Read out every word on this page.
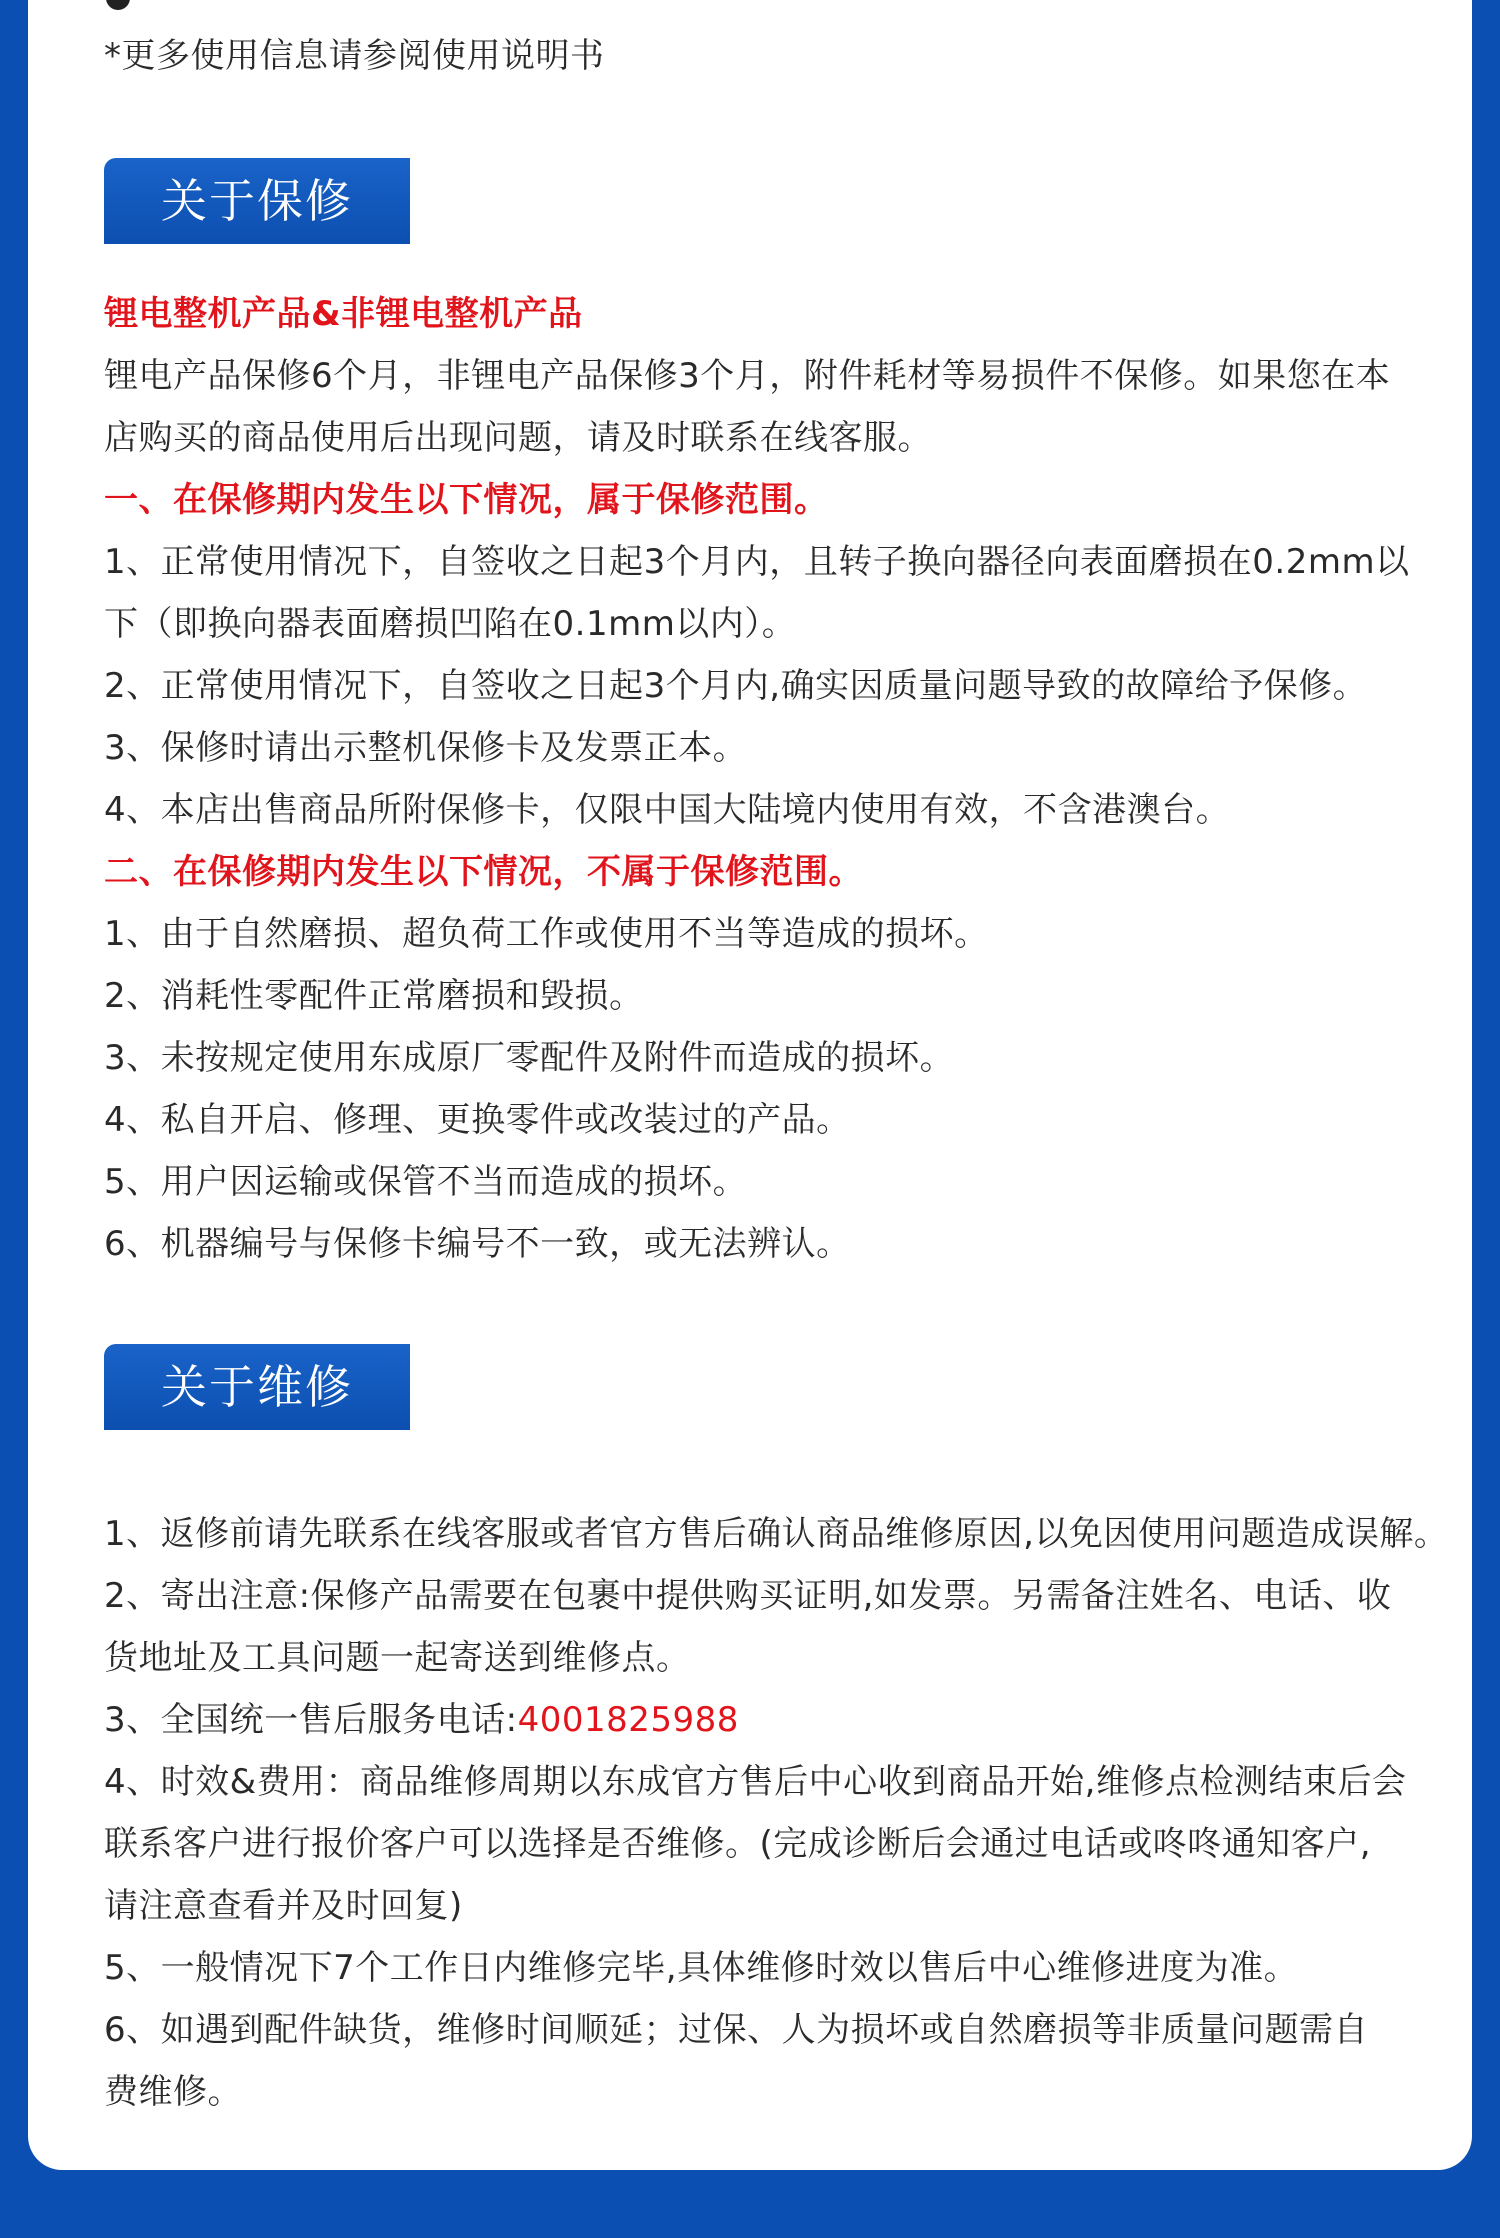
*更多使用信息请参阅使用说明书
关于保修
锂电整机产品&非锂电整机产品
锂电产品保修6个月，非锂电产品保修3个月，附件耗材等易损件不保修。如果您在本
店购买的商品使用后出现问题，请及时联系在线客服。
一、在保修期内发生以下情况，属于保修范围。
1、正常使用情况下，自签收之日起3个月内，且转子换向器径向表面磨损在0.2mm以
下（即换向器表面磨损凹陷在0.1mm以内）。
2、正常使用情况下，自签收之日起3个月内,确实因质量问题导致的故障给予保修。
3、保修时请出示整机保修卡及发票正本。
4、本店出售商品所附保修卡，仅限中国大陆境内使用有效，不含港澳台。
二、在保修期内发生以下情况，不属于保修范围。
1、由于自然磨损、超负荷工作或使用不当等造成的损坏。
2、消耗性零配件正常磨损和毁损。
3、未按规定使用东成原厂零配件及附件而造成的损坏。
4、私自开启、修理、更换零件或改装过的产品。
5、用户因运输或保管不当而造成的损坏。
6、机器编号与保修卡编号不一致，或无法辨认。
关于维修
1、返修前请先联系在线客服或者官方售后确认商品维修原因,以免因使用问题造成误解。
2、寄出注意:保修产品需要在包裹中提供购买证明,如发票。另需备注姓名、电话、收
货地址及工具问题一起寄送到维修点。
3、全国统一售后服务电话:4001825988
4、时效&费用：商品维修周期以东成官方售后中心收到商品开始,维修点检测结束后会
联系客户进行报价客户可以选择是否维修。(完成诊断后会通过电话或咚咚通知客户,
请注意查看并及时回复)
5、一般情况下7个工作日内维修完毕,具体维修时效以售后中心维修进度为准。
6、如遇到配件缺货，维修时间顺延；过保、人为损坏或自然磨损等非质量问题需自
费维修。
